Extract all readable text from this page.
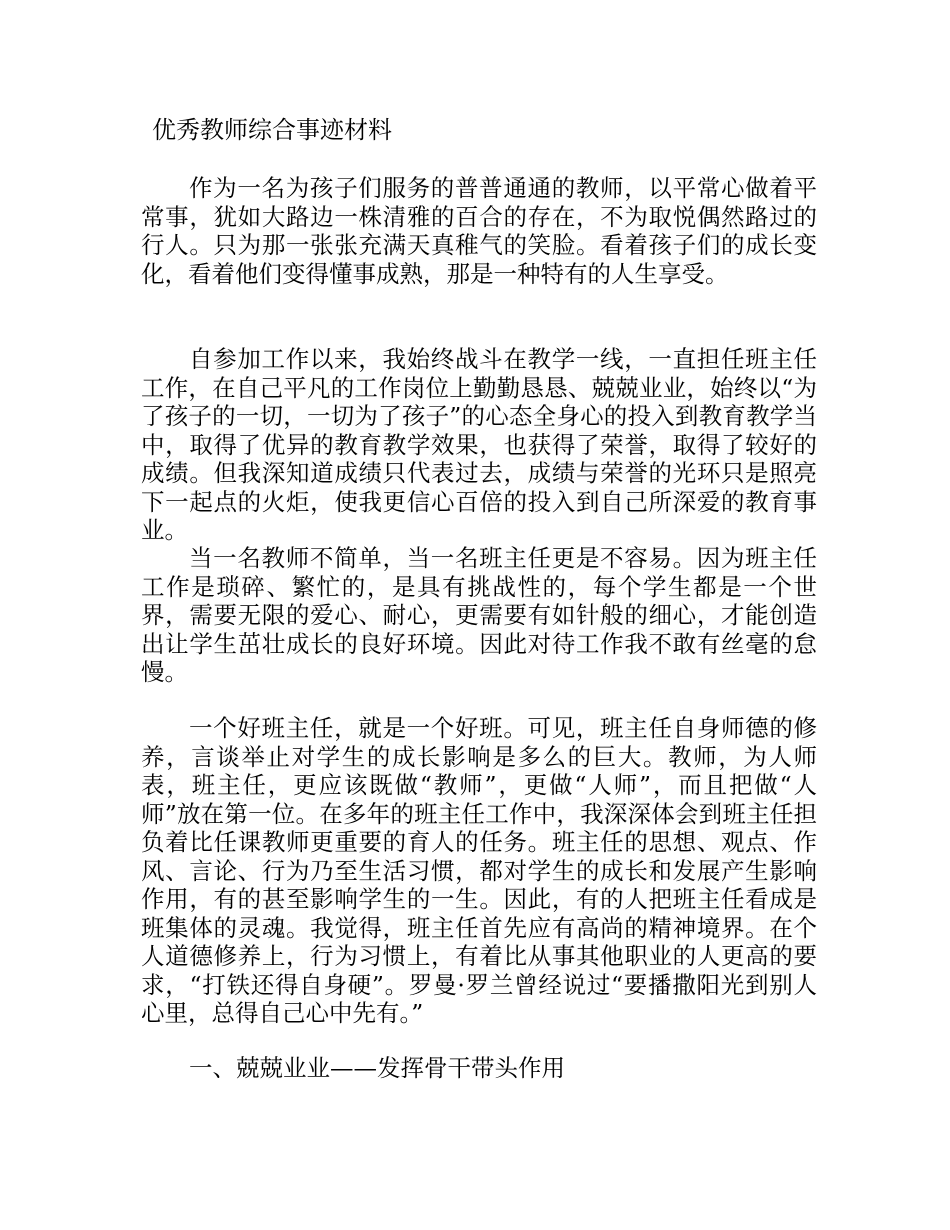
优秀教师综合事迹材料

作为一名为孩子们服务的普普通通的教师，以平常心做着平常事，犹如大路边一株清雅的百合的存在，不为取悦偶然路过的行人。只为那一张张充满天真稚气的笑脸。看着孩子们的成长变化，看着他们变得懂事成熟，那是一种特有的人生享受。

自参加工作以来，我始终战斗在教学一线，一直担任班主任工作，在自己平凡的工作岗位上勤勤恳恳、兢兢业业，始终以“为了孩子的一切，一切为了孩子”的心态全身心的投入到教育教学当中，取得了优异的教育教学效果，也获得了荣誉，取得了较好的成绩。但我深知道成绩只代表过去，成绩与荣誉的光环只是照亮下一起点的火炬，使我更信心百倍的投入到自己所深爱的教育事业。

当一名教师不简单，当一名班主任更是不容易。因为班主任工作是琐碎、繁忙的，是具有挑战性的，每个学生都是一个世界，需要无限的爱心、耐心，更需要有如针般的细心，才能创造出让学生茁壮成长的良好环境。因此对待工作我不敢有丝毫的怠慢。

一个好班主任，就是一个好班。可见，班主任自身师德的修养，言谈举止对学生的成长影响是多么的巨大。教师，为人师表，班主任，更应该既做“教师”，更做“人师”，而且把做“人师”放在第一位。在多年的班主任工作中，我深深体会到班主任担负着比任课教师更重要的育人的任务。班主任的思想、观点、作风、言论、行为乃至生活习惯，都对学生的成长和发展产生影响作用，有的甚至影响学生的一生。因此，有的人把班主任看成是班集体的灵魂。我觉得，班主任首先应有高尚的精神境界。在个人道德修养上，行为习惯上，有着比从事其他职业的人更高的要求，“打铁还得自身硬”。罗曼·罗兰曾经说过“要播撒阳光到别人心里，总得自己心中先有。”

一、兢兢业业——发挥骨干带头作用
